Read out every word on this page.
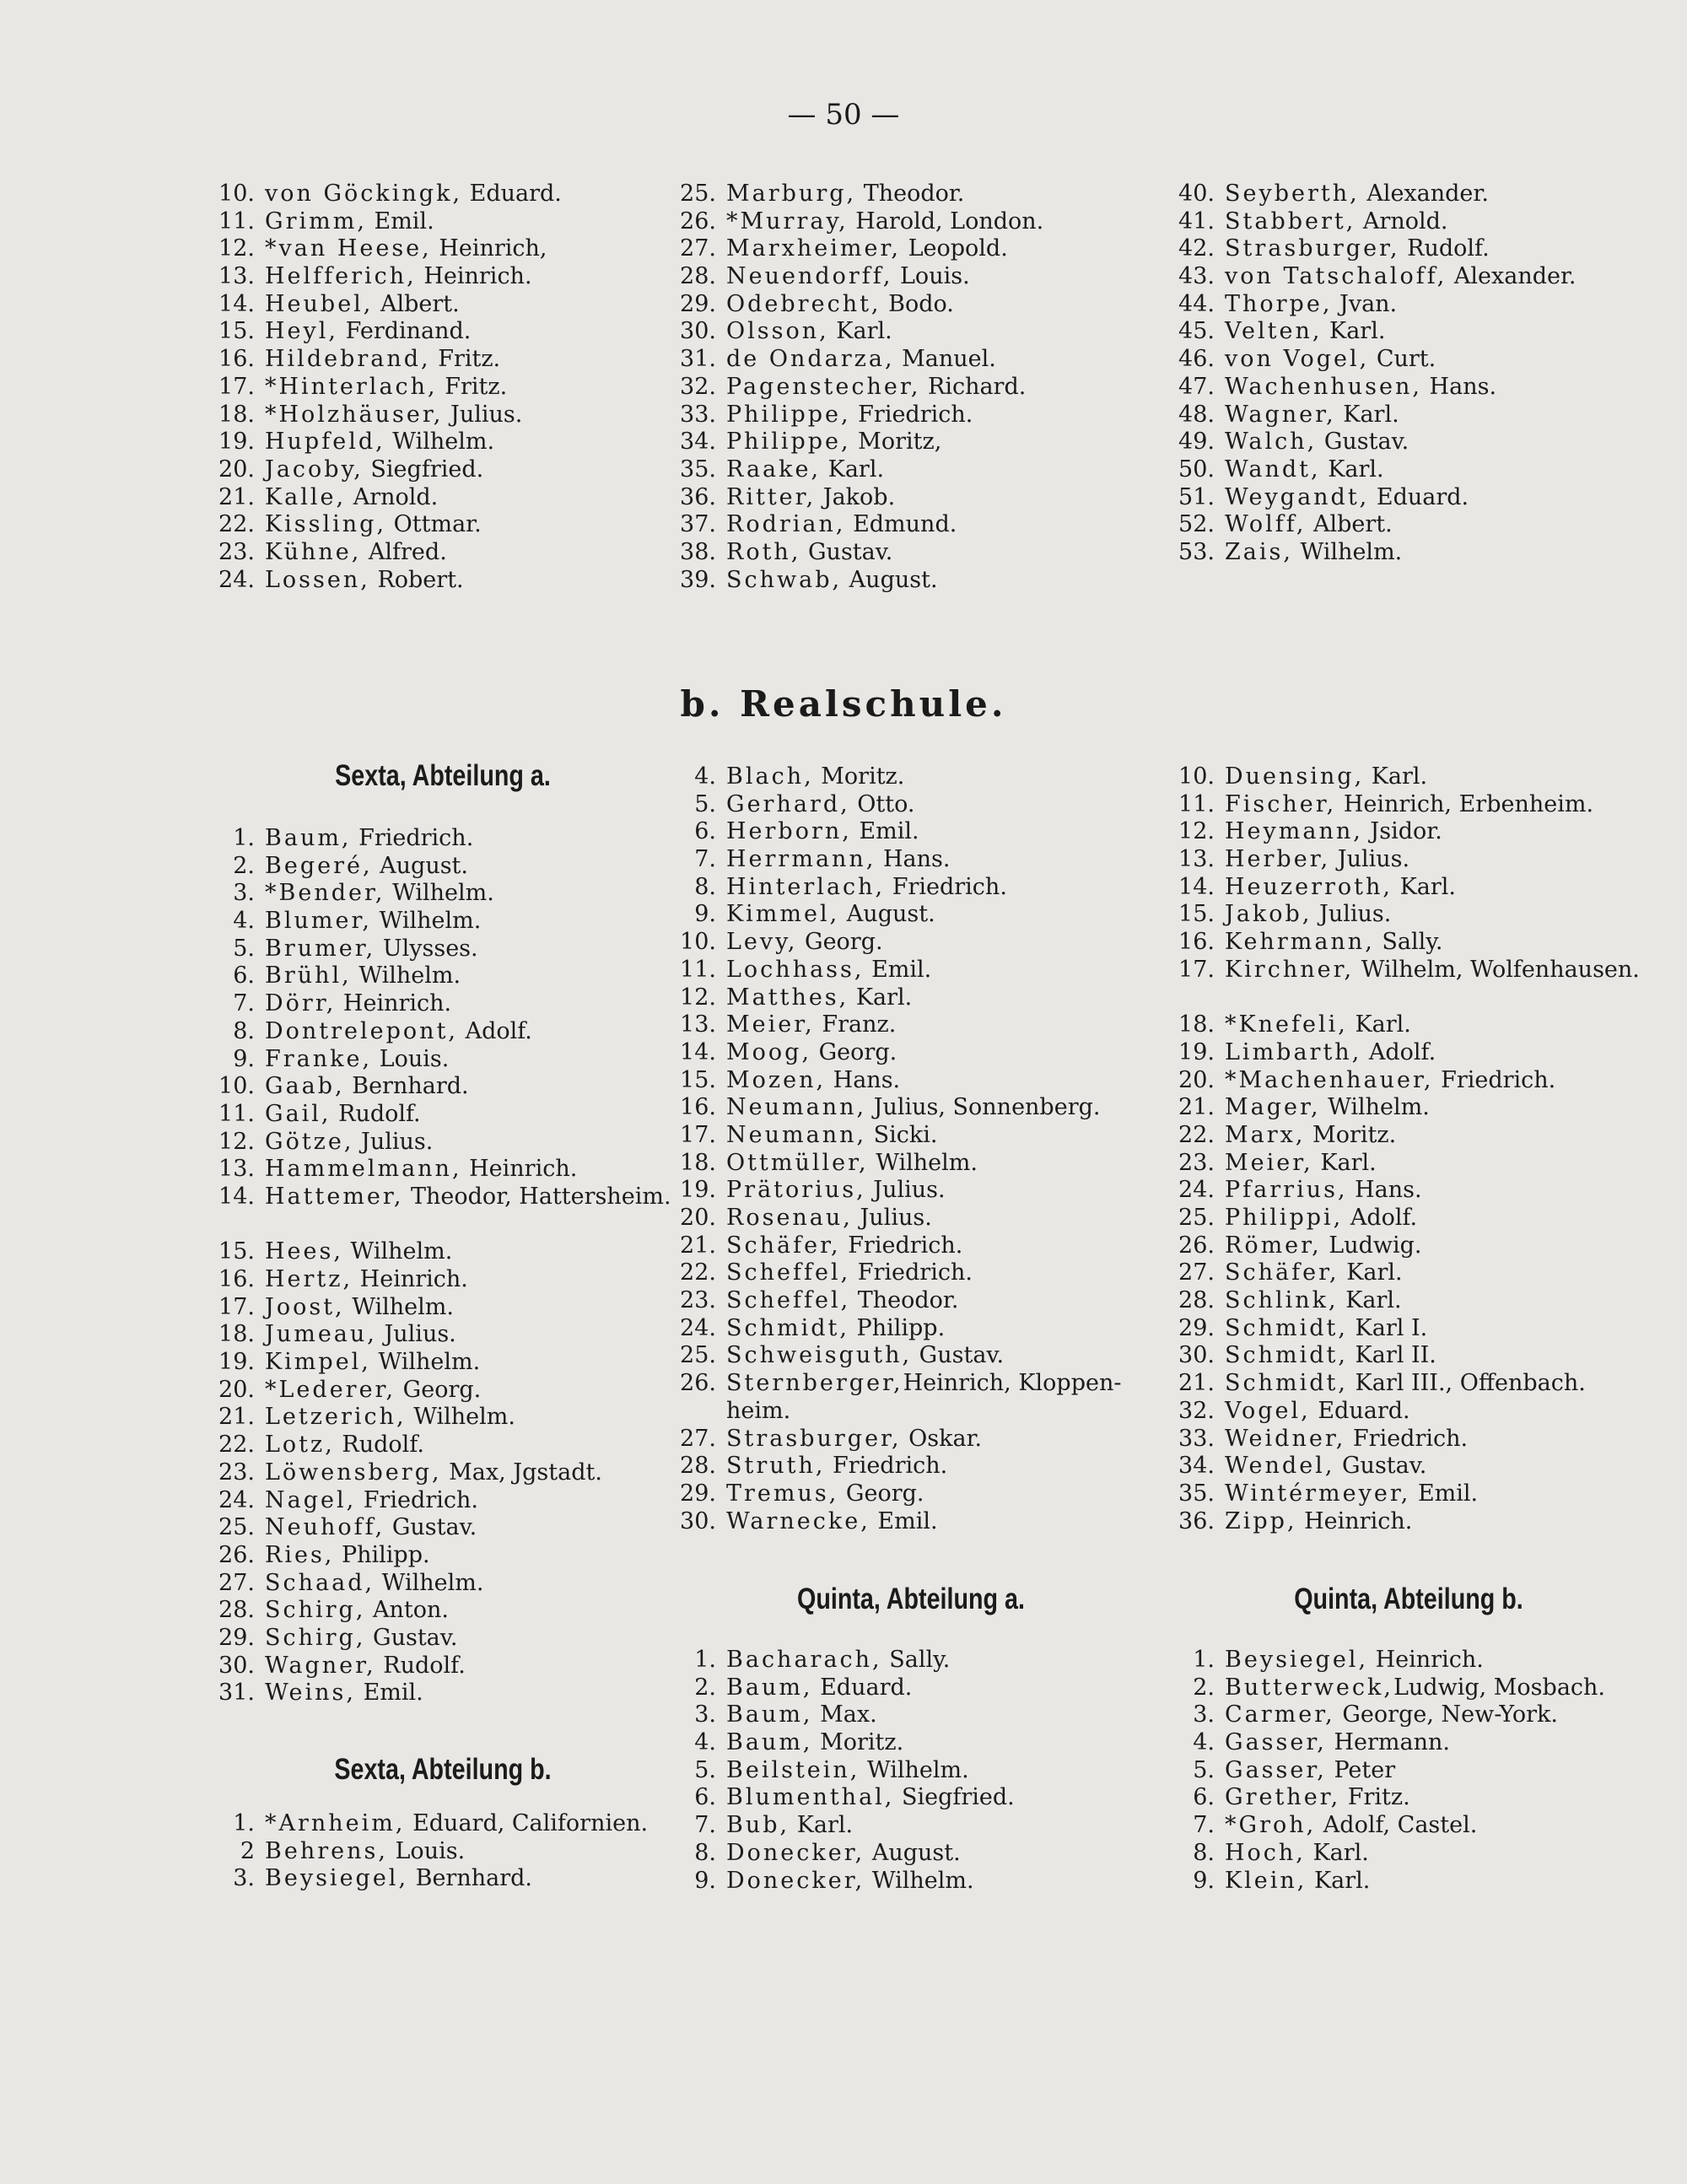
— 50 —
10. von Göckingk, Eduard.
11. Grimm, Emil.
12. *van Heese, Heinrich,
13. Helfferich, Heinrich.
14. Heubel, Albert.
15. Heyl, Ferdinand.
16. Hildebrand, Fritz.
17. *Hinterlach, Fritz.
18. *Holzhäuser, Julius.
19. Hupfeld, Wilhelm.
20. Jacoby, Siegfried.
21. Kalle, Arnold.
22. Kissling, Ottmar.
23. Kühne, Alfred.
24. Lossen, Robert.
25. Marburg, Theodor.
26. *Murray, Harold, London.
27. Marxheimer, Leopold.
28. Neuendorff, Louis.
29. Odebrecht, Bodo.
30. Olsson, Karl.
31. de Ondarza, Manuel.
32. Pagenstecher, Richard.
33. Philippe, Friedrich.
34. Philippe, Moritz,
35. Raake, Karl.
36. Ritter, Jakob.
37. Rodrian, Edmund.
38. Roth, Gustav.
39. Schwab, August.
40. Seyberth, Alexander.
41. Stabbert, Arnold.
42. Strasburger, Rudolf.
43. von Tatschaloff, Alexander.
44. Thorpe, Jvan.
45. Velten, Karl.
46. von Vogel, Curt.
47. Wachenhusen, Hans.
48. Wagner, Karl.
49. Walch, Gustav.
50. Wandt, Karl.
51. Weygandt, Eduard.
52. Wolff, Albert.
53. Zais, Wilhelm.
b. Realschule.
Sexta, Abteilung a.
1. Baum, Friedrich.
2. Begeré, August.
3. *Bender, Wilhelm.
4. Blumer, Wilhelm.
5. Brumer, Ulysses.
6. Brühl, Wilhelm.
7. Dörr, Heinrich.
8. Dontrelepont, Adolf.
9. Franke, Louis.
10. Gaab, Bernhard.
11. Gail, Rudolf.
12. Götze, Julius.
13. Hammelmann, Heinrich.
14. Hattemer, Theodor, Hattersheim.
15. Hees, Wilhelm.
16. Hertz, Heinrich.
17. Joost, Wilhelm.
18. Jumeau, Julius.
19. Kimpel, Wilhelm.
20. *Lederer, Georg.
21. Letzerich, Wilhelm.
22. Lotz, Rudolf.
23. Löwensberg, Max, Jgstadt.
24. Nagel, Friedrich.
25. Neuhoff, Gustav.
26. Ries, Philipp.
27. Schaad, Wilhelm.
28. Schirg, Anton.
29. Schirg, Gustav.
30. Wagner, Rudolf.
31. Weins, Emil.
Sexta, Abteilung b.
1. *Arnheim, Eduard, Californien.
2 Behrens, Louis.
3. Beysiegel, Bernhard.
4. Blach, Moritz.
5. Gerhard, Otto.
6. Herborn, Emil.
7. Herrmann, Hans.
8. Hinterlach, Friedrich.
9. Kimmel, August.
10. Levy, Georg.
11. Lochhass, Emil.
12. Matthes, Karl.
13. Meier, Franz.
14. Moog, Georg.
15. Mozen, Hans.
16. Neumann, Julius, Sonnenberg.
17. Neumann, Sicki.
18. Ottmüller, Wilhelm.
19. Prätorius, Julius.
20. Rosenau, Julius.
21. Schäfer, Friedrich.
22. Scheffel, Friedrich.
23. Scheffel, Theodor.
24. Schmidt, Philipp.
25. Schweisguth, Gustav.
26. Sternberger,Heinrich, Kloppenheim.
27. Strasburger, Oskar.
28. Struth, Friedrich.
29. Tremus, Georg.
30. Warnecke, Emil.
10. Duensing, Karl.
11. Fischer, Heinrich, Erbenheim.
12. Heymann, Jsidor.
13. Herber, Julius.
14. Heuzerroth, Karl.
15. Jakob, Julius.
16. Kehrmann, Sally.
17. Kirchner, Wilhelm, Wolfenhausen.
18. *Knefeli, Karl.
19. Limbarth, Adolf.
20. *Machenhauer, Friedrich.
21. Mager, Wilhelm.
22. Marx, Moritz.
23. Meier, Karl.
24. Pfarrius, Hans.
25. Philippi, Adolf.
26. Römer, Ludwig.
27. Schäfer, Karl.
28. Schlink, Karl.
29. Schmidt, Karl I.
30. Schmidt, Karl II.
21. Schmidt, Karl III., Offenbach.
32. Vogel, Eduard.
33. Weidner, Friedrich.
34. Wendel, Gustav.
35. Wintérmeyer, Emil.
36. Zipp, Heinrich.
Quinta, Abteilung a.
1. Bacharach, Sally.
2. Baum, Eduard.
3. Baum, Max.
4. Baum, Moritz.
5. Beilstein, Wilhelm.
6. Blumenthal, Siegfried.
7. Bub, Karl.
8. Donecker, August.
9. Donecker, Wilhelm.
Quinta, Abteilung b.
1. Beysiegel, Heinrich.
2. Butterweck,Ludwig, Mosbach.
3. Carmer, George, New-York.
4. Gasser, Hermann.
5. Gasser, Peter
6. Grether, Fritz.
7. *Groh, Adolf, Castel.
8. Hoch, Karl.
9. Klein, Karl.
